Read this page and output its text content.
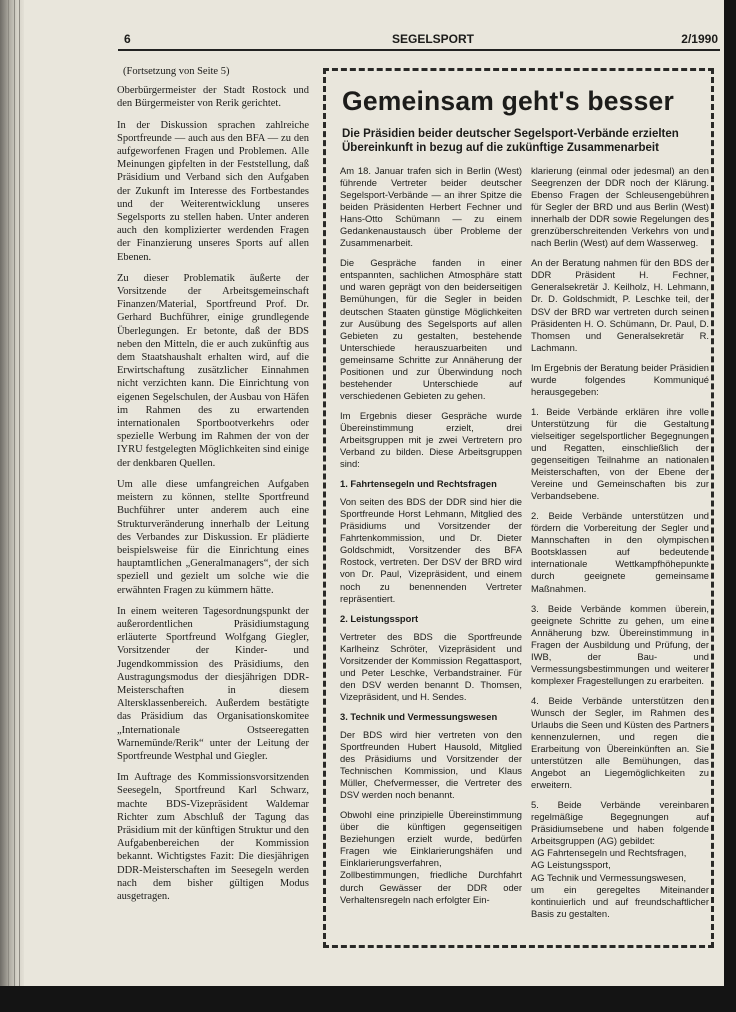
6	SEGELSPORT	2/1990
(Fortsetzung von Seite 5)

Oberbürgermeister der Stadt Rostock und den Bürgermeister von Rerik gerichtet.

In der Diskussion sprachen zahlreiche Sportfreunde — auch aus den BFA — zu den aufgeworfenen Fragen und Problemen. Alle Meinungen gipfelten in der Feststellung, daß Präsidium und Verband sich den Aufgaben der Zukunft im Interesse des Fortbestandes und der Weiterentwicklung unseres Segelsports zu stellen haben. Unter anderen auch den komplizierter werdenden Fragen der Finanzierung unseres Sports auf allen Ebenen.

Zu dieser Problematik äußerte der Vorsitzende der Arbeitsgemeinschaft Finanzen/Material, Sportfreund Prof. Dr. Gerhard Buchführer, einige grundlegende Überlegungen. Er betonte, daß der BDS neben den Mitteln, die er auch zukünftig aus dem Staatshaushalt erhalten wird, auf die Erwirtschaftung zusätzlicher Einnahmen nicht verzichten kann. Die Einrichtung von eigenen Segelschulen, der Ausbau von Häfen im Rahmen des zu erwartenden internationalen Sportbootverkehrs oder spezielle Werbung im Rahmen der von der IYRU festgelegten Möglichkeiten sind einige der denkbaren Quellen.

Um alle diese umfangreichen Aufgaben meistern zu können, stellte Sportfreund Buchführer unter anderem auch eine Strukturveränderung innerhalb der Leitung des Verbandes zur Diskussion. Er plädierte beispielsweise für die Einrichtung eines hauptamtlichen „Generalmanagers“, der sich speziell und gezielt um solche wie die erwähnten Fragen zu kümmern hätte.

In einem weiteren Tagesordnungspunkt der außerordentlichen Präsidiumstagung erläuterte Sportfreund Wolfgang Giegler, Vorsitzender der Kinder- und Jugendkommission des Präsidiums, den Austragungsmodus der diesjährigen DDR-Meisterschaften in diesem Altersklassenbereich. Außerdem bestätigte das Präsidium das Organisationskomitee „Internationale Ostseeregatten Warnemünde/Rerik“ unter der Leitung der Sportfreunde Westphal und Giegler.

Im Auftrage des Kommissionsvorsitzenden Seesegeln, Sportfreund Karl Schwarz, machte BDS-Vizepräsident Waldemar Richter zum Abschluß der Tagung das Präsidium mit der künftigen Struktur und den Aufgabenbereichen der Kommission bekannt. Wichtigstes Fazit: Die diesjährigen DDR-Meisterschaften im Seesegeln werden nach dem bisher gültigen Modus ausgetragen.

Gemeinsam geht's besser
Die Präsidien beider deutscher Segelsport-Verbände erzielten Übereinkunft in bezug auf die zukünftige Zusammenarbeit

Am 18. Januar trafen sich in Berlin (West) führende Vertreter beider deutscher Segelsport-Verbände — an ihrer Spitze die beiden Präsidenten Herbert Fechner und Hans-Otto Schümann — zu einem Gedankenaustausch über Probleme der Zusammenarbeit.

Die Gespräche fanden in einer entspannten, sachlichen Atmosphäre statt und waren geprägt von den beiderseitigen Bemühungen, für die Segler in beiden deutschen Staaten günstige Möglichkeiten zur Ausübung des Segelsports auf allen Gebieten zu gestalten, bestehende Unterschiede herauszuarbeiten und gemeinsame Schritte zur Annäherung der Positionen und zur Überwindung noch bestehender Unterschiede auf verschiedenen Gebieten zu gehen.

Im Ergebnis dieser Gespräche wurde Übereinstimmung erzielt, drei Arbeitsgruppen mit je zwei Vertretern pro Verband zu bilden. Diese Arbeitsgruppen sind:

1. Fahrtensegeln und Rechtsfragen

Von seiten des BDS der DDR sind hier die Sportfreunde Horst Lehmann, Mitglied des Präsidiums und Vorsitzender der Fahrtenkommission, und Dr. Dieter Goldschmidt, Vorsitzender des BFA Rostock, vertreten. Der DSV der BRD wird von Dr. Paul, Vizepräsident, und einem noch zu benennenden Vertreter repräsentiert.

2. Leistungssport

Vertreter des BDS die Sportfreunde Karlheinz Schröter, Vizepräsident und Vorsitzender der Kommission Regattasport, und Peter Leschke, Verbandstrainer. Für den DSV werden benannt D. Thomsen, Vizepräsident, und H. Sendes.

3. Technik und Vermessungswesen

Der BDS wird hier vertreten von den Sportfreunden Hubert Hausold, Mitglied des Präsidiums und Vorsitzender der Technischen Kommission, und Klaus Müller, Chefvermesser, die Vertreter des DSV werden noch benannt.

Obwohl eine prinzipielle Übereinstimmung über die künftigen gegenseitigen Beziehungen erzielt wurde, bedürfen Fragen wie Einklarierungshäfen und Einklarierungsverfahren, Zollbestimmungen, friedliche Durchfahrt durch Gewässer der DDR oder Verhaltensregeln nach erfolgter Ein-

klarierung (einmal oder jedesmal) an den Seegrenzen der DDR noch der Klärung. Ebenso Fragen der Schleusengebühren für Segler der BRD und aus Berlin (West) innerhalb der DDR sowie Regelungen des grenzüberschreitenden Verkehrs von und nach Berlin (West) auf dem Wasserweg.

An der Beratung nahmen für den BDS der DDR Präsident H. Fechner, Generalsekretär J. Keilholz, H. Lehmann, Dr. D. Goldschmidt, P. Leschke teil, der DSV der BRD war vertreten durch seinen Präsidenten H. O. Schümann, Dr. Paul, D. Thomsen und Generalsekretär R. Lachmann.

Im Ergebnis der Beratung beider Präsidien wurde folgendes Kommuniqué herausgegeben:

1. Beide Verbände erklären ihre volle Unterstützung für die Gestaltung vielseitiger segelsportlicher Begegnungen und Regatten, einschließlich der gegenseitigen Teilnahme an nationalen Meisterschaften, von der Ebene der Vereine und Gemeinschaften bis zur Verbandsebene.

2. Beide Verbände unterstützen und fördern die Vorbereitung der Segler und Mannschaften in den olympischen Bootsklassen auf bedeutende internationale Wettkampfhöhepunkte durch geeignete gemeinsame Maßnahmen.

3. Beide Verbände kommen überein, geeignete Schritte zu gehen, um eine Annäherung bzw. Übereinstimmung in Fragen der Ausbildung und Prüfung, der IWB, der Bau- und Vermessungsbestimmungen und weiterer komplexer Fragestellungen zu erarbeiten.

4. Beide Verbände unterstützen den Wunsch der Segler, im Rahmen des Urlaubs die Seen und Küsten des Partners kennenzulernen, und regen die Erarbeitung von Übereinkünften an. Sie unterstützen alle Bemühungen, das Angebot an Liegemöglichkeiten zu erweitern.

5. Beide Verbände vereinbaren regelmäßige Begegnungen auf Präsidiumsebene und haben folgende Arbeitsgruppen (AG) gebildet:

AG Fahrtensegeln und Rechtsfragen,
AG Leistungssport,
AG Technik und Vermessungswesen,

um ein geregeltes Miteinander kontinuierlich und auf freundschaftlicher Basis zu gestalten.
